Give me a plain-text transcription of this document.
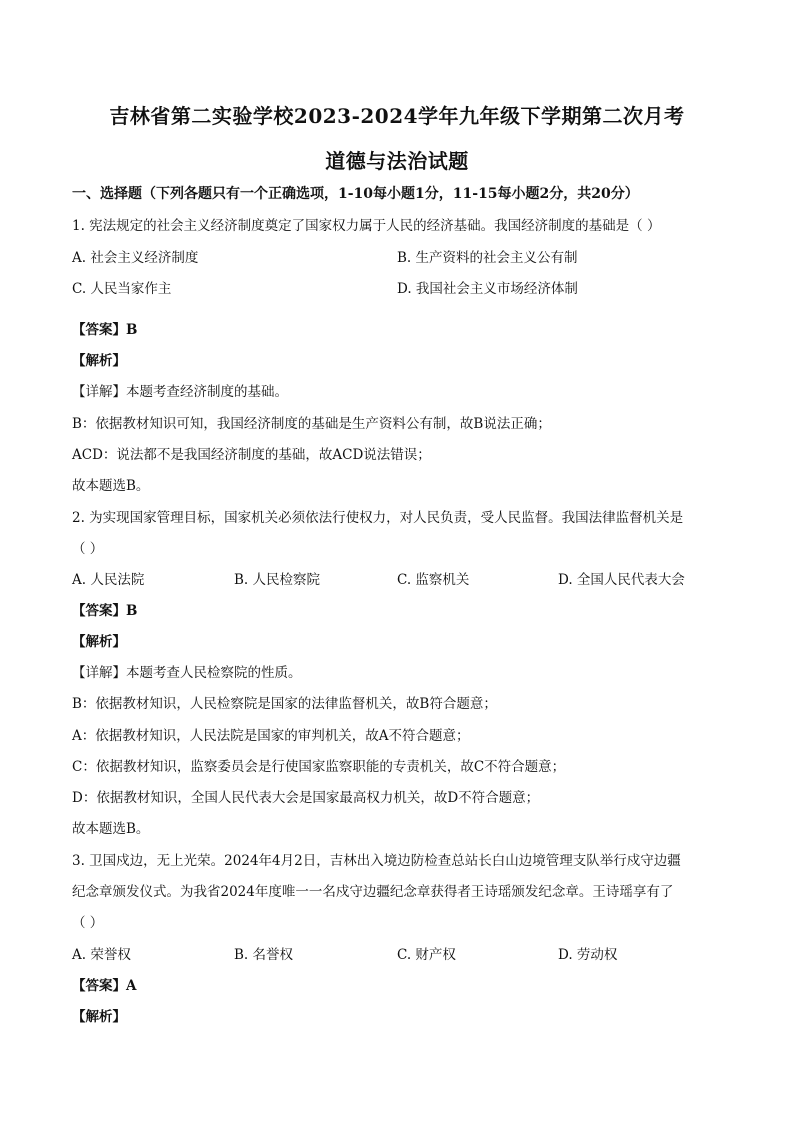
吉林省第二实验学校2023-2024学年九年级下学期第二次月考
道德与法治试题
一、选择题（下列各题只有一个正确选项，1-10每小题1分，11-15每小题2分，共20分）
1. 宪法规定的社会主义经济制度奠定了国家权力属于人民的经济基础。我国经济制度的基础是（ ）
A. 社会主义经济制度	B. 生产资料的社会主义公有制
C. 人民当家作主	D. 我国社会主义市场经济体制
【答案】B
【解析】
【详解】本题考查经济制度的基础。
B：依据教材知识可知，我国经济制度的基础是生产资料公有制，故B说法正确；
ACD：说法都不是我国经济制度的基础，故ACD说法错误；
故本题选B。
2. 为实现国家管理目标，国家机关必须依法行使权力，对人民负责，受人民监督。我国法律监督机关是
（ ）
A. 人民法院	B. 人民检察院	C. 监察机关	D. 全国人民代表大会
【答案】B
【解析】
【详解】本题考查人民检察院的性质。
B：依据教材知识，人民检察院是国家的法律监督机关，故B符合题意；
A：依据教材知识，人民法院是国家的审判机关，故A不符合题意；
C：依据教材知识，监察委员会是行使国家监察职能的专责机关，故C不符合题意；
D：依据教材知识，全国人民代表大会是国家最高权力机关，故D不符合题意；
故本题选B。
3. 卫国戍边，无上光荣。2024年4月2日，吉林出入境边防检查总站长白山边境管理支队举行戍守边疆
纪念章颁发仪式。为我省2024年度唯一一名戍守边疆纪念章获得者王诗瑶颁发纪念章。王诗瑶享有了
（ ）
A. 荣誉权	B. 名誉权	C. 财产权	D. 劳动权
【答案】A
【解析】
